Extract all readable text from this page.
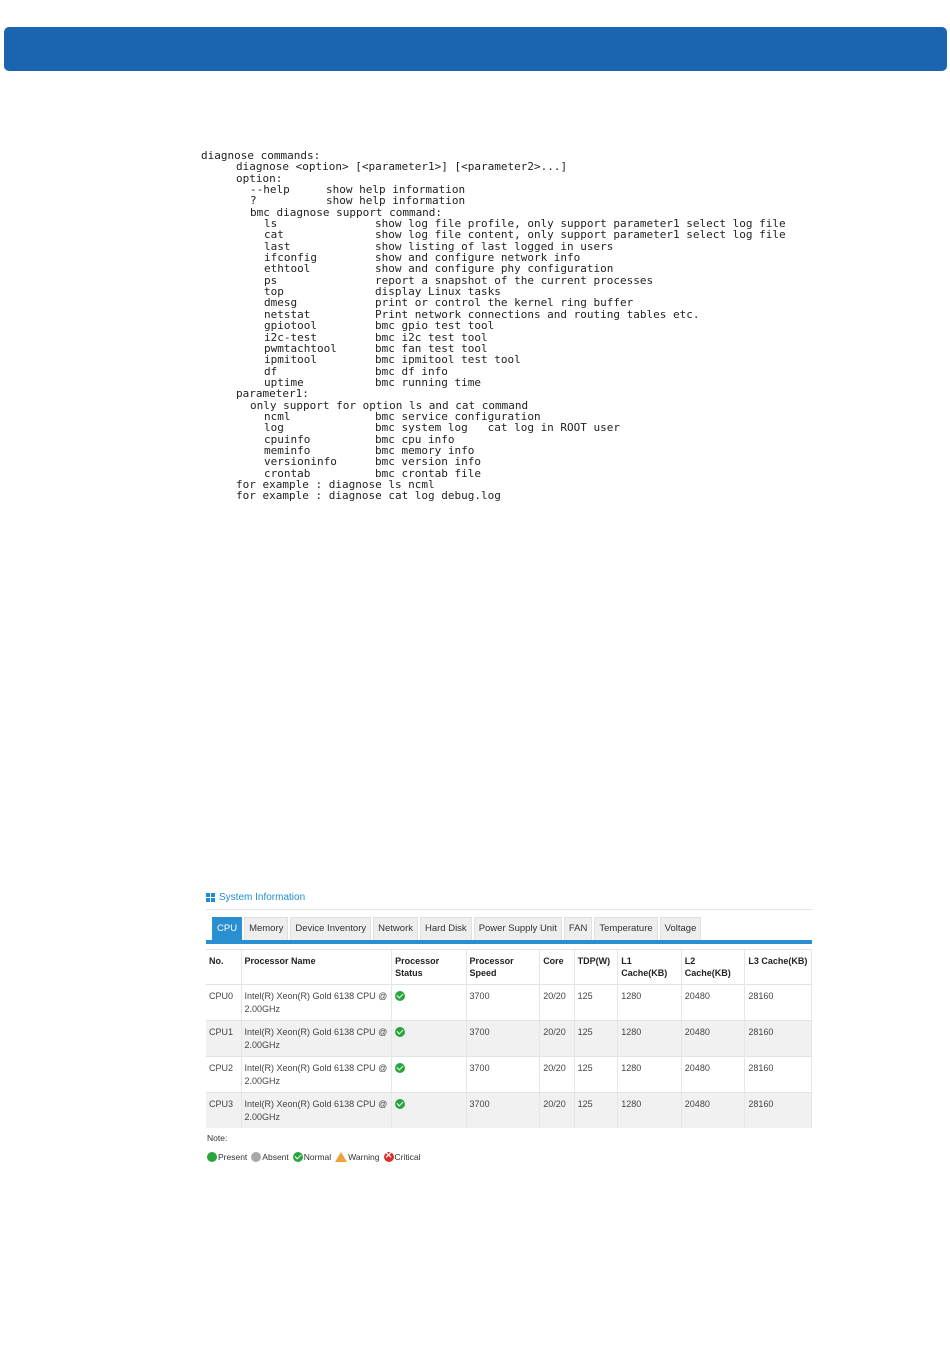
diagnose commands:
diagnose <option> [<parameter1>] [<parameter2>...]
option:
--help	show help information
?	show help information
bmc diagnose support command:
ls	show log file profile, only support parameter1 select log file
cat	show log file content, only support parameter1 select log file
last	show listing of last logged in users
ifconfig	show and configure network info
ethtool	show and configure phy configuration
ps	report a snapshot of the current processes
top	display Linux tasks
dmesg	print or control the kernel ring buffer
netstat	Print network connections and routing tables etc.
gpiotool	bmc gpio test tool
i2c-test	bmc i2c test tool
pwmtachtool	bmc fan test tool
ipmitool	bmc ipmitool test tool
df	bmc df info
uptime	bmc running time
parameter1:
only support for option ls and cat command
ncml	bmc service configuration
log	bmc system log   cat log in ROOT user
cpuinfo	bmc cpu info
meminfo	bmc memory info
versioninfo	bmc version info
crontab	bmc crontab file
for example : diagnose ls ncml
for example : diagnose cat log debug.log
System Information
CPU	Memory	Device Inventory	Network	Hard Disk	Power Supply Unit	FAN	Temperature	Voltage
No.	Processor Name	Processor Status	Processor Speed	Core	TDP(W)	L1 Cache(KB)	L2 Cache(KB)	L3 Cache(KB)
CPU0	Intel(R) Xeon(R) Gold 6138 CPU @ 2.00GHz		3700	20/20	125	1280	20480	28160
CPU1	Intel(R) Xeon(R) Gold 6138 CPU @ 2.00GHz		3700	20/20	125	1280	20480	28160
CPU2	Intel(R) Xeon(R) Gold 6138 CPU @ 2.00GHz		3700	20/20	125	1280	20480	28160
CPU3	Intel(R) Xeon(R) Gold 6138 CPU @ 2.00GHz		3700	20/20	125	1280	20480	28160
Note:
Present Absent Normal Warning × Critical
